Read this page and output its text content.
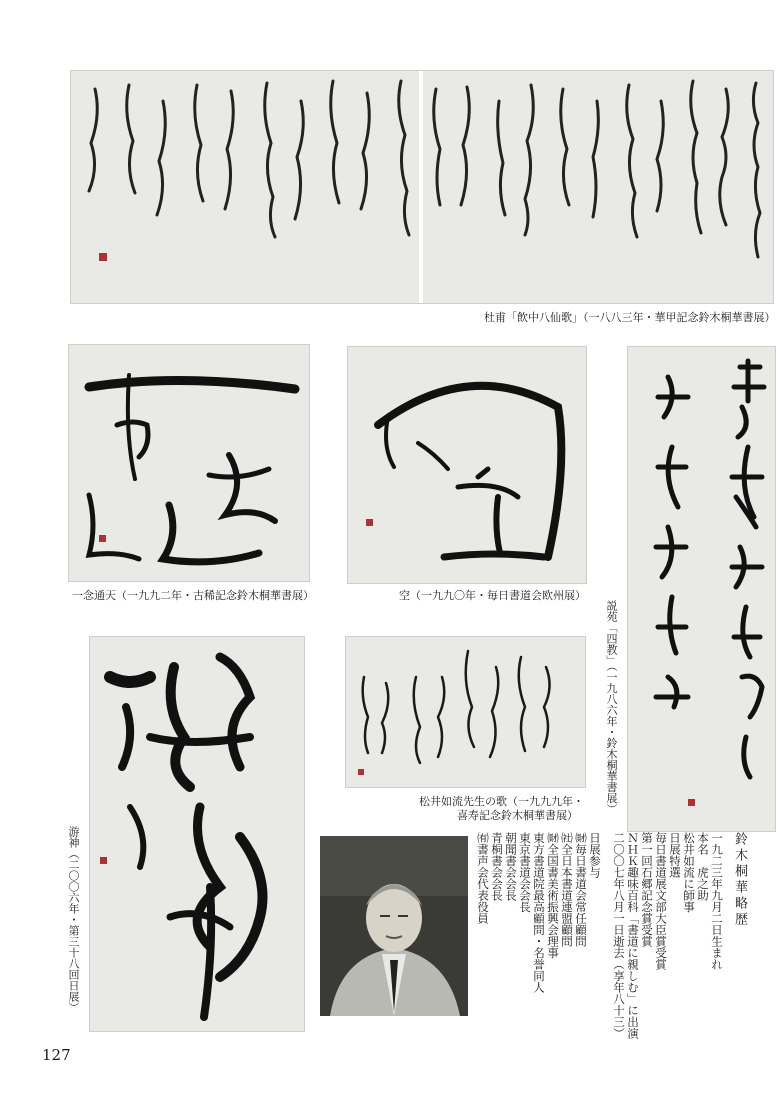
杜甫「飲中八仙歌」（一八八三年・華甲記念鈴木桐華書展）
一念通天（一九九二年・古稀記念鈴木桐華書展）	空（一九九〇年・毎日書道会欧州展）
説苑「四教」（一九八六年・鈴木桐華書展）
游神（二〇〇六年・第三十八回日展）
松井如流先生の歌（一九九九年・
喜寿記念鈴木桐華書展）
鈴木桐華略歴
一九二三年九月二日生まれ
本名　虎之助
松井如流に師事
日展特選
毎日書道展文部大臣賞受賞
第一回石郷記念賞受賞
ＮＨＫ趣味百科「書道に親しむ」に出演
二〇〇七年八月一日逝去（享年八十三）
日展参与
㈶毎日書道会常任顧問
㈳全日本書道連盟顧問
㈶全国書美術振興会理事
東方書道院最高顧問・名誉同人
東京書道会会長
朝聞書会会長
青桐書会会長
㈲書声会代表役員
127
